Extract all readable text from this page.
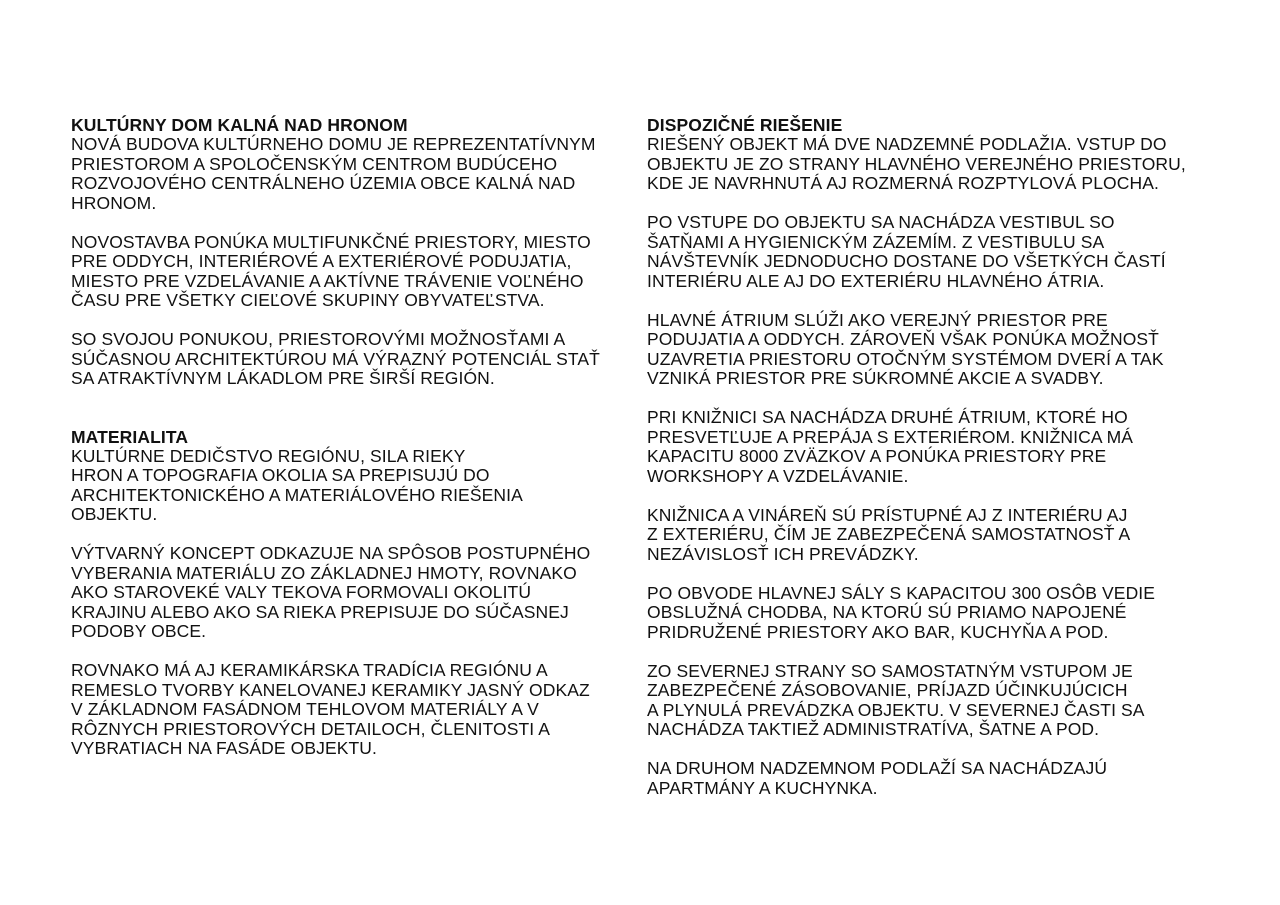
KULTÚRNY DOM KALNÁ NAD HRONOM

NOVÁ BUDOVA KULTÚRNEHO DOMU JE REPREZENTATÍVNYM
PRIESTOROM A SPOLOČENSKÝM CENTROM BUDÚCEHO
ROZVOJOVÉHO CENTRÁLNEHO ÚZEMIA OBCE KALNÁ NAD
HRONOM.

NOVOSTAVBA PONÚKA MULTIFUNKČNÉ PRIESTORY, MIESTO
PRE ODDYCH, INTERIÉROVÉ A EXTERIÉROVÉ PODUJATIA,
MIESTO PRE VZDELÁVANIE A AKTÍVNE TRÁVENIE VOĽNÉHO
ČASU PRE VŠETKY CIEĽOVÉ SKUPINY OBYVATEĽSTVA.

SO SVOJOU PONUKOU, PRIESTOROVÝMI MOŽNOSŤAMI A
SÚČASNOU ARCHITEKTÚROU MÁ VÝRAZNÝ POTENCIÁL STAŤ
SA ATRAKTÍVNYM LÁKADLOM PRE ŠIRŠÍ REGIÓN.

MATERIALITA

KULTÚRNE DEDIČSTVO REGIÓNU, SILA RIEKY
HRON A TOPOGRAFIA OKOLIA SA PREPISUJÚ DO
ARCHITEKTONICKÉHO A MATERIÁLOVÉHO RIEŠENIA
OBJEKTU.

VÝTVARNÝ KONCEPT ODKAZUJE NA SPÔSOB POSTUPNÉHO
VYBERANIA MATERIÁLU ZO ZÁKLADNEJ HMOTY, ROVNAKO
AKO STAROVEKÉ VALY TEKOVA FORMOVALI OKOLITÚ
KRAJINU ALEBO AKO SA RIEKA PREPISUJE DO SÚČASNEJ
PODOBY OBCE.

ROVNAKO MÁ AJ KERAMIKÁRSKA TRADÍCIA REGIÓNU A
REMESLO TVORBY KANELOVANEJ KERAMIKY JASNÝ ODKAZ
V ZÁKLADNOM FASÁDNOM TEHLOVOM MATERIÁLY A V
RÔZNYCH PRIESTOROVÝCH DETAILOCH, ČLENITOSTI A
VYBRATIACH NA FASÁDE OBJEKTU.

DISPOZIČNÉ RIEŠENIE

RIEŠENÝ OBJEKT MÁ DVE NADZEMNÉ PODLAŽIA. VSTUP DO
OBJEKTU JE ZO STRANY HLAVNÉHO VEREJNÉHO PRIESTORU,
KDE JE NAVRHNUTÁ AJ ROZMERNÁ ROZPTYLOVÁ PLOCHA.

PO VSTUPE DO OBJEKTU SA NACHÁDZA VESTIBUL SO
ŠATŇAMI A HYGIENICKÝM ZÁZEMÍM. Z VESTIBULU SA
NÁVŠTEVNÍK JEDNODUCHO DOSTANE DO VŠETKÝCH ČASTÍ
INTERIÉRU ALE AJ DO EXTERIÉRU HLAVNÉHO ÁTRIA.

HLAVNÉ ÁTRIUM SLÚŽI AKO VEREJNÝ PRIESTOR PRE
PODUJATIA A ODDYCH. ZÁROVEŇ VŠAK PONÚKA MOŽNOSŤ
UZAVRETIA PRIESTORU OTOČNÝM SYSTÉMOM DVERÍ A TAK
VZNIKÁ PRIESTOR PRE SÚKROMNÉ AKCIE A SVADBY.

PRI KNIŽNICI SA NACHÁDZA DRUHÉ ÁTRIUM, KTORÉ HO
PRESVETĽUJE A PREPÁJA S EXTERIÉROM. KNIŽNICA MÁ
KAPACITU 8000 ZVÄZKOV A PONÚKA PRIESTORY PRE
WORKSHOPY A VZDELÁVANIE.

KNIŽNICA A VINÁREŇ SÚ PRÍSTUPNÉ AJ Z INTERIÉRU AJ
Z EXTERIÉRU, ČÍM JE ZABEZPEČENÁ SAMOSTATNOSŤ A
NEZÁVISLOSŤ ICH PREVÁDZKY.

PO OBVODE HLAVNEJ SÁLY S KAPACITOU 300 OSÔB VEDIE
OBSLUŽNÁ CHODBA, NA KTORÚ SÚ PRIAMO NAPOJENÉ
PRIDRUŽENÉ PRIESTORY AKO BAR, KUCHYŇA A POD.

ZO SEVERNEJ STRANY SO SAMOSTATNÝM VSTUPOM JE
ZABEZPEČENÉ ZÁSOBOVANIE, PRÍJAZD ÚČINKUJÚCICH
A PLYNULÁ PREVÁDZKA OBJEKTU. V SEVERNEJ ČASTI SA
NACHÁDZA TAKTIEŽ ADMINISTRATÍVA, ŠATNE A POD.

NA DRUHOM NADZEMNOM PODLAŽÍ SA NACHÁDZAJÚ
APARTMÁNY A KUCHYNKA.
